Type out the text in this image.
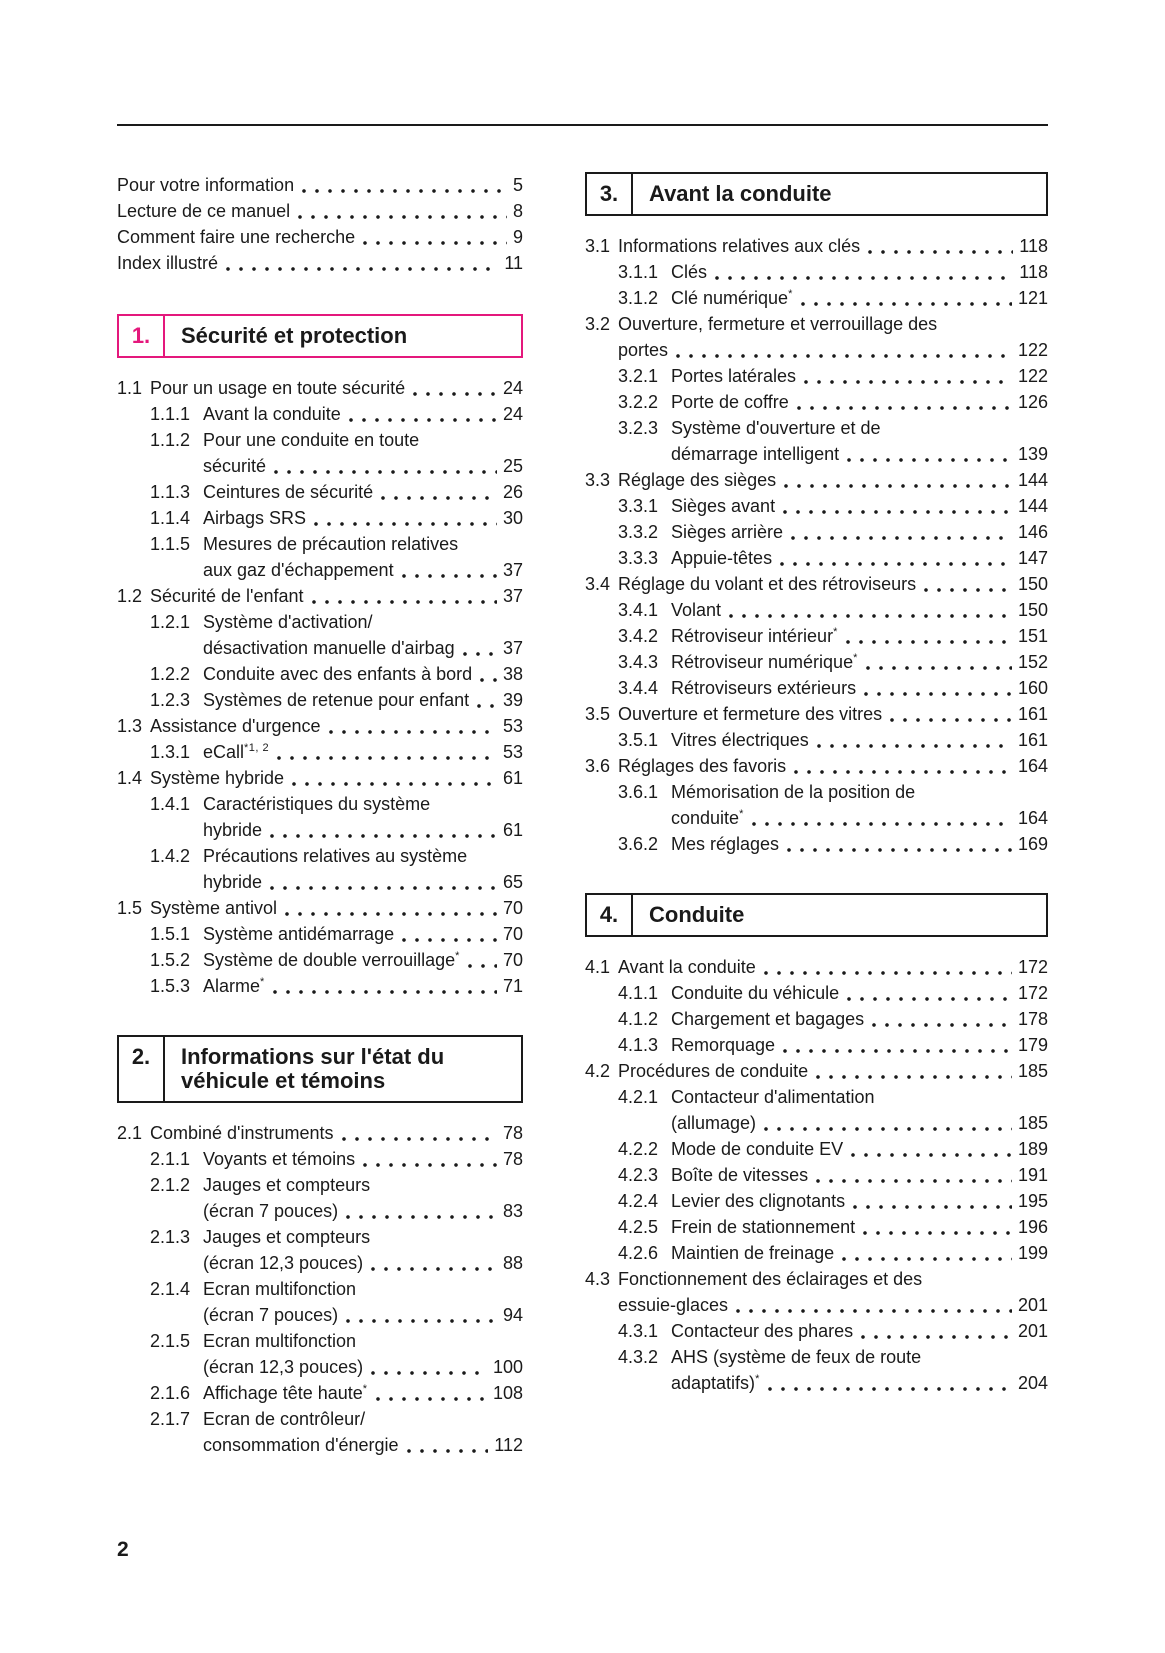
Pour votre information	5
Lecture de ce manuel	8
Comment faire une recherche	9
Index illustré	11
1.	Sécurité et protection
1.1 Pour un usage en toute sécurité	24
1.1.1 Avant la conduite	24
1.1.2 Pour une conduite en toute
sécurité	25
1.1.3 Ceintures de sécurité	26
1.1.4 Airbags SRS	30
1.1.5 Mesures de précaution relatives
aux gaz d'échappement	37
1.2 Sécurité de l'enfant	37
1.2.1 Système d'activation/
désactivation manuelle d'airbag	37
1.2.2 Conduite avec des enfants à bord 38
1.2.3 Systèmes de retenue pour enfant 39
1.3 Assistance d'urgence	53
1.3.1 eCall$^{*1, 2}$	53
1.4 Système hybride	61
1.4.1 Caractéristiques du système
hybride	61
1.4.2 Précautions relatives au système
hybride	65
1.5 Système antivol	70
1.5.1 Système antidémarrage	70
1.5.2 Système de double verrouillage* 70
1.5.3 Alarme*	71
2.	Informations sur l'état du
véhicule et témoins
2.1 Combiné d'instruments	78
2.1.1 Voyants et témoins	78
2.1.2 Jauges et compteurs
(écran 7 pouces)	83
2.1.3 Jauges et compteurs
(écran 12,3 pouces)	88
2.1.4 Ecran multifonction
(écran 7 pouces)	94
2.1.5 Ecran multifonction
(écran 12,3 pouces)	100
2.1.6 Affichage tête haute*	108
2.1.7 Ecran de contrôleur/
consommation d'énergie	112
3.	Avant la conduite
3.1 Informations relatives aux clés	118
3.1.1 Clés	118
3.1.2 Clé numérique*	121
3.2 Ouverture, fermeture et verrouillage des
portes	122
3.2.1 Portes latérales	122
3.2.2 Porte de coffre	126
3.2.3 Système d'ouverture et de
démarrage intelligent	139
3.3 Réglage des sièges	144
3.3.1 Sièges avant	144
3.3.2 Sièges arrière	146
3.3.3 Appuie-têtes	147
3.4 Réglage du volant et des rétroviseurs	150
3.4.1 Volant	150
3.4.2 Rétroviseur intérieur*	151
3.4.3 Rétroviseur numérique*	152
3.4.4 Rétroviseurs extérieurs	160
3.5 Ouverture et fermeture des vitres	161
3.5.1 Vitres électriques	161
3.6 Réglages des favoris	164
3.6.1 Mémorisation de la position de
conduite*	164
3.6.2 Mes réglages	169
4.	Conduite
4.1 Avant la conduite	172
4.1.1 Conduite du véhicule	172
4.1.2 Chargement et bagages	178
4.1.3 Remorquage	179
4.2 Procédures de conduite	185
4.2.1 Contacteur d'alimentation
(allumage)	185
4.2.2 Mode de conduite EV	189
4.2.3 Boîte de vitesses	191
4.2.4 Levier des clignotants	195
4.2.5 Frein de stationnement	196
4.2.6 Maintien de freinage	199
4.3 Fonctionnement des éclairages et des
essuie-glaces	201
4.3.1 Contacteur des phares	201
4.3.2 AHS (système de feux de route
adaptatifs)*	204
2
